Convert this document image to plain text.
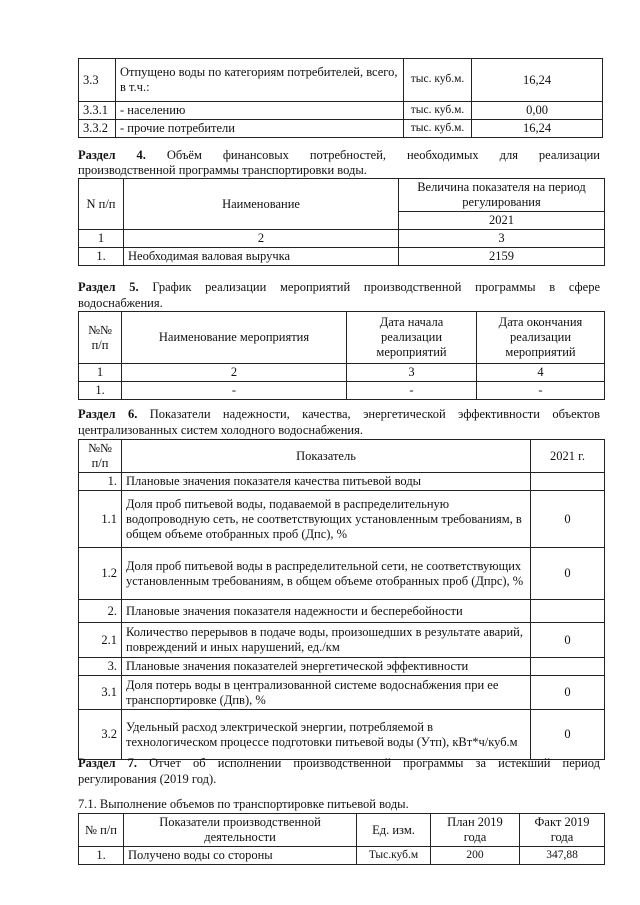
3.3	Отпущено воды по категориям потребителей, всего, в т.ч.:	тыс. куб.м.	16,24
3.3.1	- населению	тыс. куб.м.	0,00
3.3.2	- прочие потребители	тыс. куб.м.	16,24
Раздел 4. Объём финансовых потребностей, необходимых для реализации
производственной программы транспортировки воды.
N п/п	Наименование	Величина показателя на период регулирования
		2021
1	2	3
1.	Необходимая валовая выручка	2159
Раздел 5. График реализации мероприятий производственной программы в сфере
водоснабжения.
№№ п/п	Наименование мероприятия	Дата начала реализации мероприятий	Дата окончания реализации мероприятий
1	2	3	4
1.	-	-	-
Раздел 6. Показатели надежности, качества, энергетической эффективности объектов
централизованных систем холодного водоснабжения.
№№ п/п	Показатель	2021 г.
1.	Плановые значения показателя качества питьевой воды	
1.1	Доля проб питьевой воды, подаваемой в распределительную водопроводную сеть, не соответствующих установленным требованиям, в общем объеме отобранных проб (Дпс), %	0
1.2	Доля проб питьевой воды в распределительной сети, не соответствующих установленным требованиям, в общем объеме отобранных проб (Дпрс), %	0
2.	Плановые значения показателя надежности и бесперебойности	
2.1	Количество перерывов в подаче воды, произошедших в результате аварий, повреждений и иных нарушений, ед./км	0
3.	Плановые значения показателей энергетической эффективности	
3.1	Доля потерь воды в централизованной системе водоснабжения при ее транспортировке (Дпв), %	0
3.2	Удельный расход электрической энергии, потребляемой в технологическом процессе подготовки питьевой воды (Утп), кВт*ч/куб.м	0
Раздел 7. Отчет об исполнении производственной программы за истекший период
регулирования (2019 год).
7.1. Выполнение объемов по транспортировке питьевой воды.
№ п/п	Показатели производственной деятельности	Ед. изм.	План 2019 года	Факт 2019 года
1.	Получено воды со стороны	Тыс.куб.м	200	347,88
